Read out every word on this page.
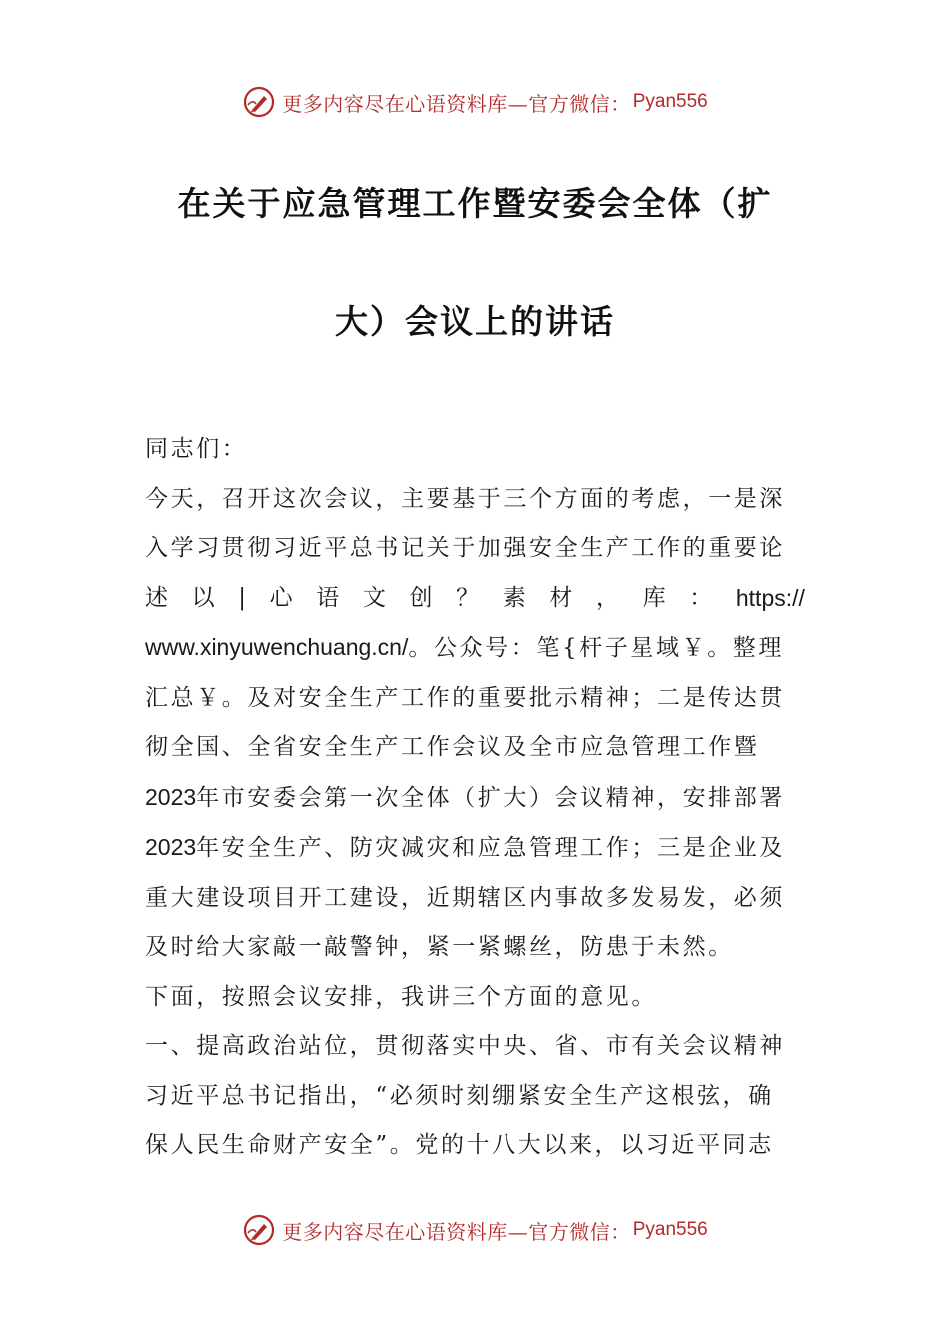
更多内容尽在心语资料库—官方微信： Pyan556
在关于应急管理工作暨安委会全体（扩
大）会议上的讲话

同志们：

今天，召开这次会议，主要基于三个方面的考虑，一是深

入学习贯彻习近平总书记关于加强安全生产工作的重要论

述 以 | 心 语 文 创 ？ 素 材 ， 库 ： https://

www.xinyuwenchuang.cn/。公众号：笔{杆子星域￥。整理

汇总￥。及对安全生产工作的重要批示精神；二是传达贯

彻全国、全省安全生产工作会议及全市应急管理工作暨

2023年市安委会第一次全体（扩大）会议精神，安排部署

2023年安全生产、防灾减灾和应急管理工作；三是企业及

重大建设项目开工建设，近期辖区内事故多发易发，必须

及时给大家敲一敲警钟，紧一紧螺丝，防患于未然。

下面，按照会议安排，我讲三个方面的意见。

一、提高政治站位，贯彻落实中央、省、市有关会议精神

习近平总书记指出，“必须时刻绷紧安全生产这根弦，确

保人民生命财产安全”。党的十八大以来，以习近平同志

更多内容尽在心语资料库—官方微信： Pyan556
